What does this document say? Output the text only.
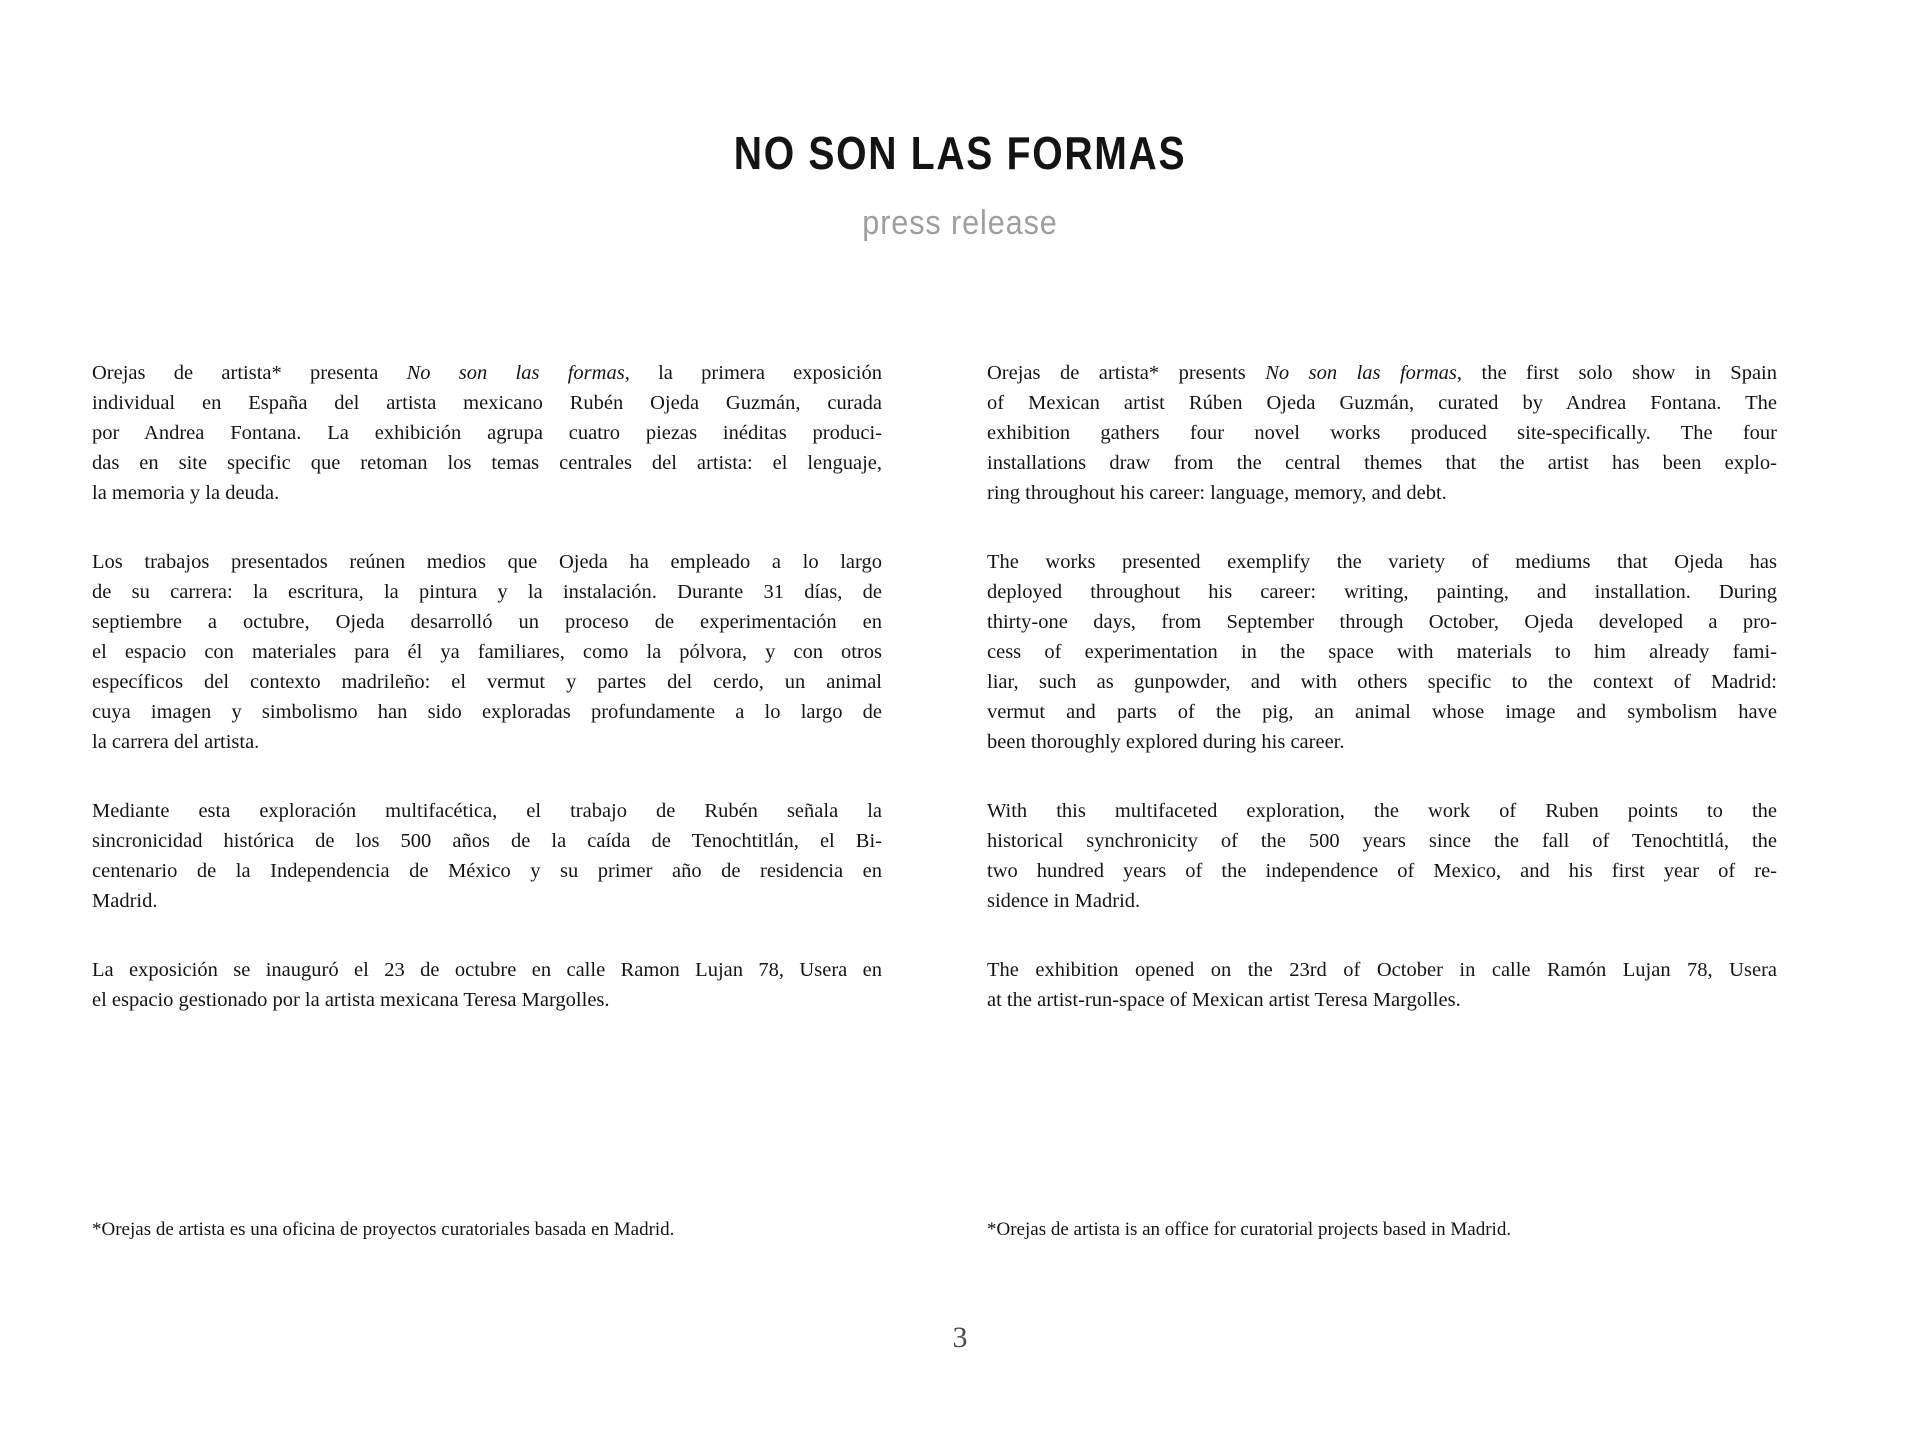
NO SON LAS FORMAS
press release
Orejas de artista* presenta No son las formas, la primera exposición
individual en España del artista mexicano Rubén Ojeda Guzmán, curada
por Andrea Fontana. La exhibición agrupa cuatro piezas inéditas produci-
das en site specific que retoman los temas centrales del artista: el lenguaje,
la memoria y la deuda.
Los trabajos presentados reúnen medios que Ojeda ha empleado a lo largo
de su carrera: la escritura, la pintura y la instalación. Durante 31 días, de
septiembre a octubre, Ojeda desarrolló un proceso de experimentación en
el espacio con materiales para él ya familiares, como la pólvora, y con otros
específicos del contexto madrileño: el vermut y partes del cerdo, un animal
cuya imagen y simbolismo han sido exploradas profundamente a lo largo de
la carrera del artista.
Mediante esta exploración multifacética, el trabajo de Rubén señala la
sincronicidad histórica de los 500 años de la caída de Tenochtitlán, el Bi-
centenario de la Independencia de México y su primer año de residencia en
Madrid.
La exposición se inauguró el 23 de octubre en calle Ramon Lujan 78, Usera en
el espacio gestionado por la artista mexicana Teresa Margolles.
*Orejas de artista es una oficina de proyectos curatoriales basada en Madrid.
Orejas de artista* presents No son las formas, the first solo show in Spain
of Mexican artist Rúben Ojeda Guzmán, curated by Andrea Fontana. The
exhibition gathers four novel works produced site-specifically. The four
installations draw from the central themes that the artist has been explo-
ring throughout his career: language, memory, and debt.
The works presented exemplify the variety of mediums that Ojeda has
deployed throughout his career: writing, painting, and installation. During
thirty-one days, from September through October, Ojeda developed a pro-
cess of experimentation in the space with materials to him already fami-
liar, such as gunpowder, and with others specific to the context of Madrid:
vermut and parts of the pig, an animal whose image and symbolism have
been thoroughly explored during his career.
With this multifaceted exploration, the work of Ruben points to the
historical synchronicity of the 500 years since the fall of Tenochtitlá, the
two hundred years of the independence of Mexico, and his first year of re-
sidence in Madrid.
The exhibition opened on the 23rd of October in calle Ramón Lujan 78, Usera
at the artist-run-space of Mexican artist Teresa Margolles.
*Orejas de artista is an office for curatorial projects based in Madrid.
3
